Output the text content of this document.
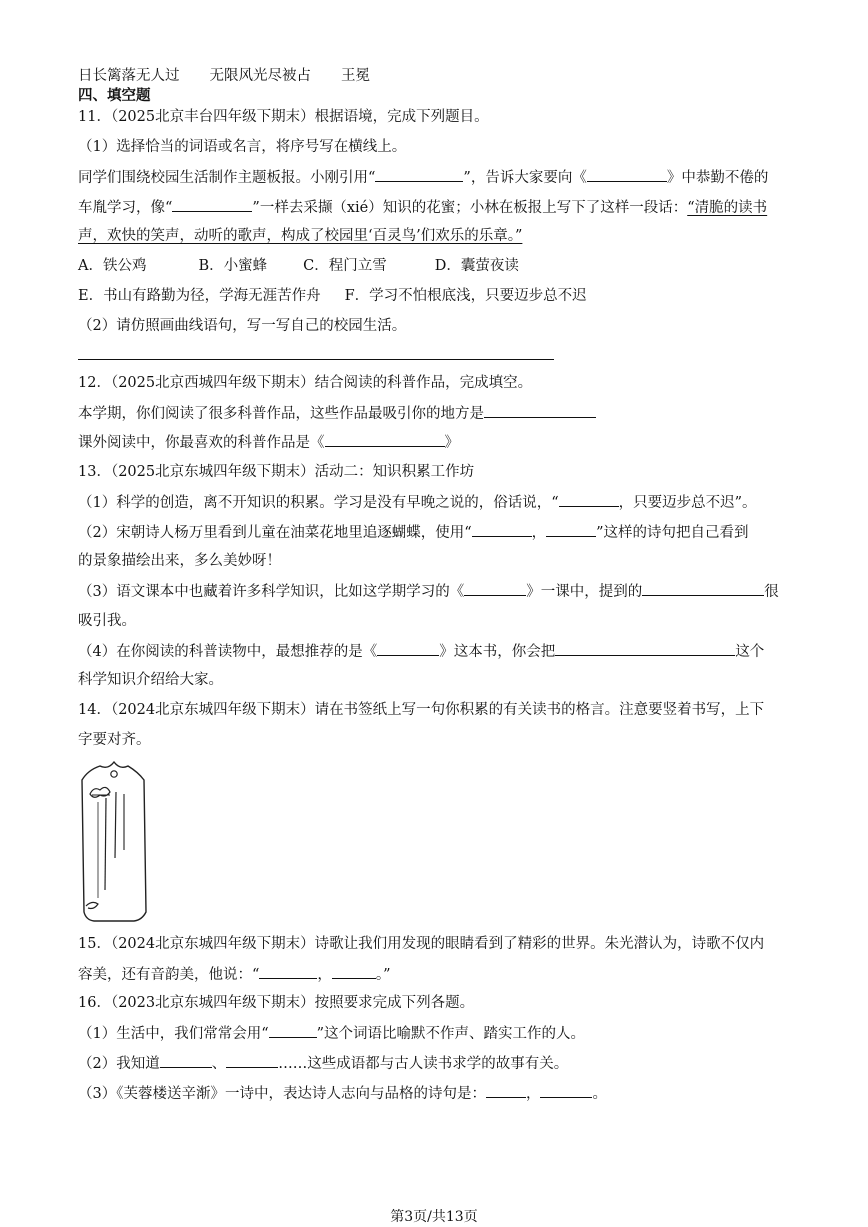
日长篱落无人过 无限风光尽被占 王冕
四、填空题
11．（2025北京丰台四年级下期末）根据语境，完成下列题目。
（1）选择恰当的词语或名言，将序号写在横线上。
同学们围绕校园生活制作主题板报。小刚引用“	”，告诉大家要向《	》中恭勤不倦的
车胤学习，像“	”一样去采撷（xié）知识的花蜜；小林在板报上写下了这样一段话：“清脆的读书
声，欢快的笑声，动听的歌声，构成了校园里‘百灵鸟’们欢乐的乐章。”
A．铁公鸡	B．小蜜蜂 C．程门立雪	D．囊萤夜读
E．书山有路勤为径，学海无涯苦作舟 F．学习不怕根底浅，只要迈步总不迟
（2）请仿照画曲线语句，写一写自己的校园生活。
12．（2025北京西城四年级下期末）结合阅读的科普作品，完成填空。
本学期，你们阅读了很多科普作品，这些作品最吸引你的地方是
课外阅读中，你最喜欢的科普作品是《	》
13．（2025北京东城四年级下期末）活动二：知识积累工作坊
（1）科学的创造，离不开知识的积累。学习是没有早晚之说的，俗话说，“	，只要迈步总不迟”。
（2）宋朝诗人杨万里看到儿童在油菜花地里追逐蝴蝶，使用“	，	”这样的诗句把自己看到
的景象描绘出来，多么美妙呀！
（3）语文课本中也藏着许多科学知识，比如这学期学习的《	》一课中，提到的	很
吸引我。
（4）在你阅读的科普读物中，最想推荐的是《	》这本书，你会把	这个
科学知识介绍给大家。
14．（2024北京东城四年级下期末）请在书签纸上写一句你积累的有关读书的格言。注意要竖着书写，上下
字要对齐。
15．（2024北京东城四年级下期末）诗歌让我们用发现的眼睛看到了精彩的世界。朱光潜认为，诗歌不仅内
容美，还有音韵美，他说：“	，	。”
16．（2023北京东城四年级下期末）按照要求完成下列各题。
（1）生活中，我们常常会用“	”这个词语比喻默不作声、踏实工作的人。
（2）我知道	、	……这些成语都与古人读书求学的故事有关。
（3）《芙蓉楼送辛渐》一诗中，表达诗人志向与品格的诗句是：	，	。
第3页/共13页
